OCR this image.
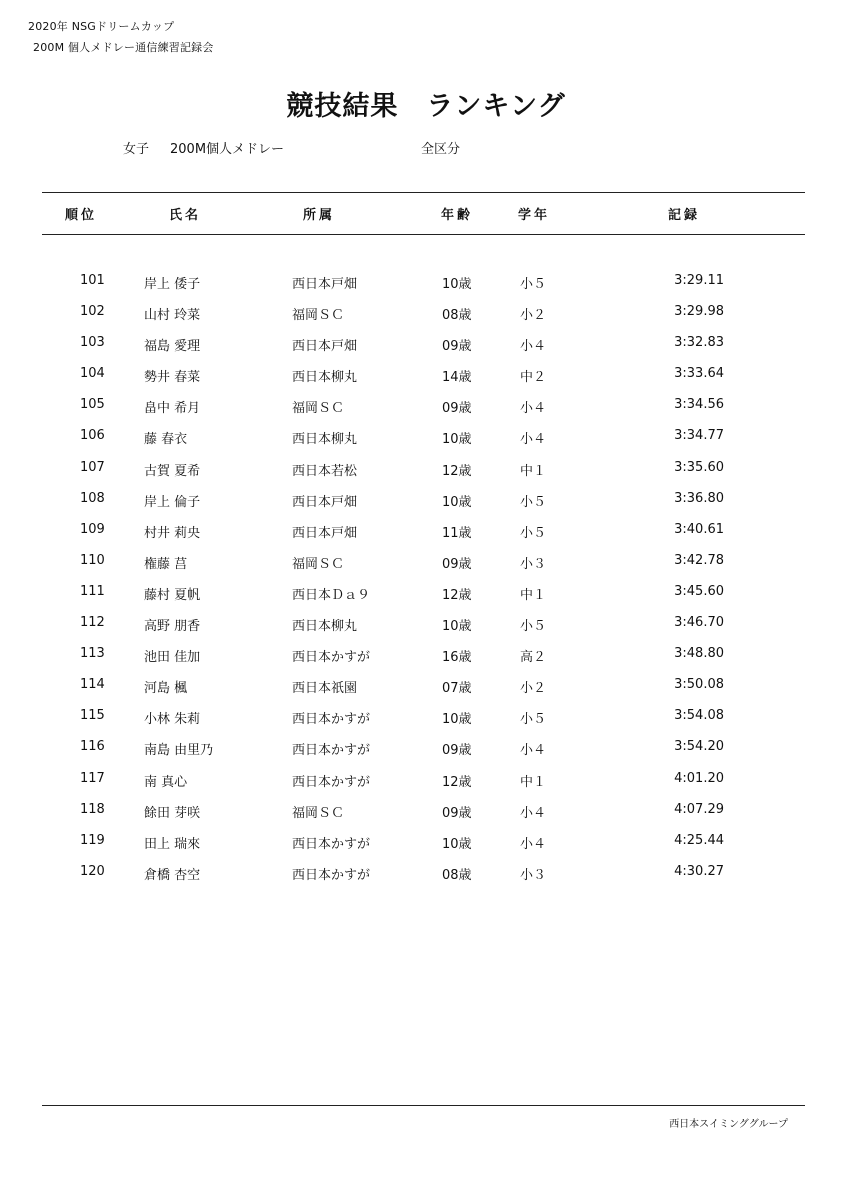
2020年 NSGドリームカップ
200M 個人メドレー通信練習記録会
競技結果　ランキング
女子 200M個人メドレー	全区分
順位	氏名	所属	年齢	学年	記録
101	岸上 倭子	西日本戸畑	10歳	小５	3:29.11
102	山村 玲菜	福岡ＳＣ	08歳	小２	3:29.98
103	福島 愛理	西日本戸畑	09歳	小４	3:32.83
104	勢井 春菜	西日本柳丸	14歳	中２	3:33.64
105	畠中 希月	福岡ＳＣ	09歳	小４	3:34.56
106	藤 春衣	西日本柳丸	10歳	小４	3:34.77
107	古賀 夏希	西日本若松	12歳	中１	3:35.60
108	岸上 倫子	西日本戸畑	10歳	小５	3:36.80
109	村井 莉央	西日本戸畑	11歳	小５	3:40.61
110	権藤 莒	福岡ＳＣ	09歳	小３	3:42.78
111	藤村 夏帆	西日本Ｄａ９	12歳	中１	3:45.60
112	高野 朋香	西日本柳丸	10歳	小５	3:46.70
113	池田 佳加	西日本かすが	16歳	高２	3:48.80
114	河島 楓	西日本祇園	07歳	小２	3:50.08
115	小林 朱莉	西日本かすが	10歳	小５	3:54.08
116	南島 由里乃	西日本かすが	09歳	小４	3:54.20
117	南 真心	西日本かすが	12歳	中１	4:01.20
118	餘田 芽咲	福岡ＳＣ	09歳	小４	4:07.29
119	田上 瑞來	西日本かすが	10歳	小４	4:25.44
120	倉橋 杏空	西日本かすが	08歳	小３	4:30.27
西日本スイミンググループ
